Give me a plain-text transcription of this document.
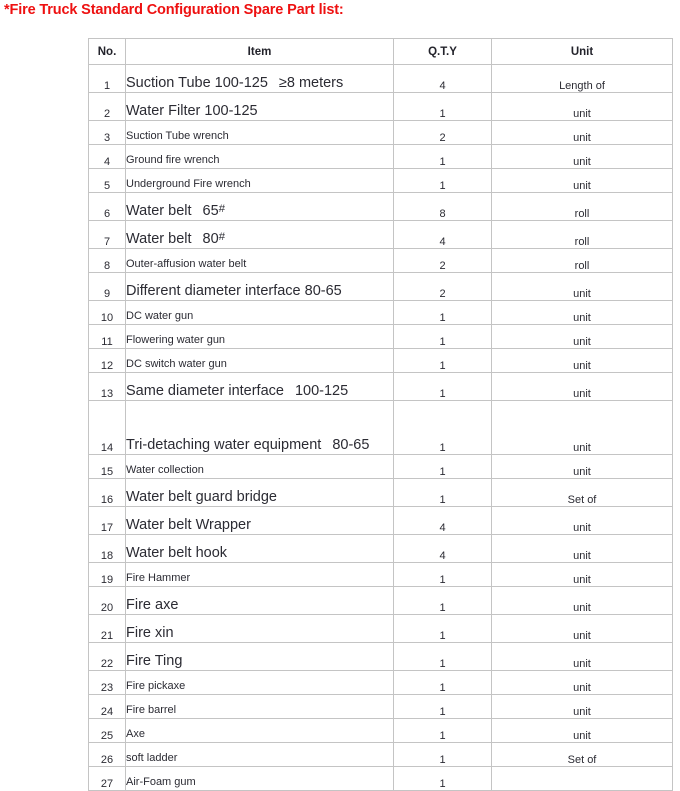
*Fire Truck Standard Configuration Spare Part list:
No.	Item	Q.T.Y	Unit
1	Suction Tube 100-125 ≥8 meters	4	Length of
2	Water Filter 100-125	1	unit
3	Suction Tube wrench	2	unit
4	Ground fire wrench	1	unit
5	Underground Fire wrench	1	unit
6	Water belt 65#	8	roll
7	Water belt 80#	4	roll
8	Outer-affusion water belt	2	roll
9	Different diameter interface 80-65	2	unit
10	DC water gun	1	unit
11	Flowering water gun	1	unit
12	DC switch water gun	1	unit
13	Same diameter interface 100-125	1	unit
14	Tri-detaching water equipment 80-65	1	unit
15	Water collection	1	unit
16	Water belt guard bridge	1	Set of
17	Water belt Wrapper	4	unit
18	Water belt hook	4	unit
19	Fire Hammer	1	unit
20	Fire axe	1	unit
21	Fire xin	1	unit
22	Fire Ting	1	unit
23	Fire pickaxe	1	unit
24	Fire barrel	1	unit
25	Axe	1	unit
26	soft ladder	1	Set of
27	Air-Foam gum	1	
